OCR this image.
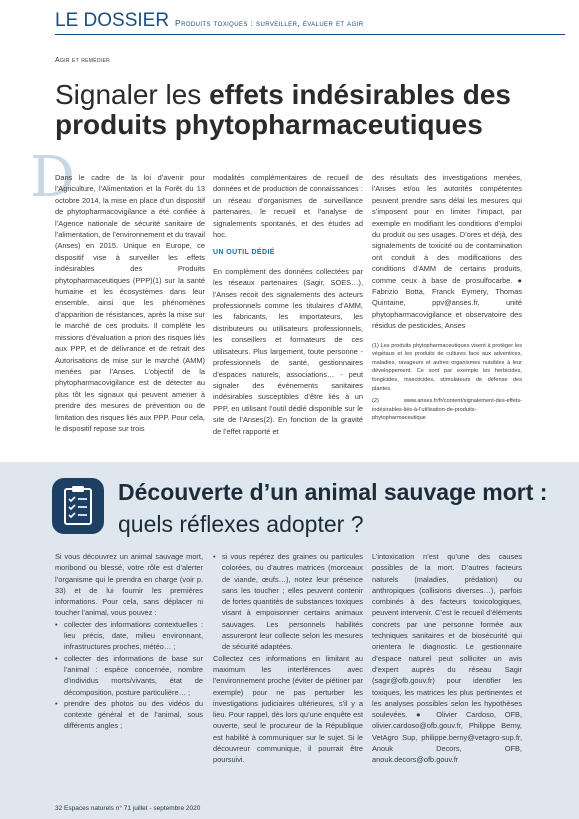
LE DOSSIER Produits toxiques : surveiller, évaluer et agir
Agir et remédier
Signaler les effets indésirables des produits phytopharmaceutiques
D

Dans le cadre de la loi d’avenir pour l’Agriculture, l’Alimentation et la Forêt du 13 octobre 2014, la mise en place d’un dispositif de phytopharmacovigilance a été confiée à l’Agence nationale de sécurité sanitaire de l’alimentation, de l’environnement et du travail (Anses) en 2015. Unique en Europe, ce dispositif vise à surveiller les effets indésirables des Produits phytopharmaceutiques (PPP)(1) sur la santé humaine et les écosystèmes dans leur ensemble, ainsi que les phénomènes d’apparition de résistances, après la mise sur le marché de ces produits. Il complète les missions d’évaluation a priori des risques liés aux PPP, et de délivrance et de retrait des Autorisations de mise sur le marché (AMM) menées par l’Anses. L’objectif de la phytopharmacovigilance est de détecter au plus tôt les signaux qui peuvent amener à prendre des mesures de prévention ou de limitation des risques liés aux PPP. Pour cela, le dispositif repose sur trois

modalités complémentaires de recueil de données et de production de connaissances : un réseau d’organismes de surveillance partenaires, le recueil et l’analyse de signalements spontanés, et des études ad hoc.

UN OUTIL DÉDIÉ

En complément des données collectées par les réseaux partenaires (Sagir, SOES…), l’Anses recoit des signalements des acteurs professionnels comme les titulaires d’AMM, les fabricants, les importateurs, les distributeurs ou utilisateurs professionnels, les conseillers et formateurs de ces utilisateurs. Plus largement, toute personne - professionnels de santé, gestionnaires d’espaces naturels, associations… - peut signaler des événements sanitaires indésirables susceptibles d’être liés à un PPP, en utilisant l’outil dédié disponible sur le site de l’Anses(2). En fonction de la gravité de l’effet rapporté et

des résultats des investigations menées, l’Anses et/ou les autorités compétentes peuvent prendre sans délai les mesures qui s’imposent pour en limiter l’impact, par exemple en modifiant les conditions d’emploi du produit ou ses usages. D’ores et déjà, des signalements de toxicité ou de contamination ont conduit à des modifications des conditions d’AMM de certains produits, comme ceux à base de prosulfocarbe. ● Fabrizio Botta, Franck Eymery, Thomas Quintaine, ppv@anses.fr, unité phytopharmacovigilance et observatoire des résidus de pesticides, Anses

(1) Les produits phytopharmaceutiques visent à protéger les végétaux et les produits de cultures face aux adventices, maladies, ravageurs et autres organismes nuisibles à leur développement. Ce sont par exemple les herbicides, fongicides, insecticides, stimulateurs de défense des plantes.

(2) www.anses.fr/fr/content/signalement-des-effets-indésirables-liés-à-l’utilisation-de-produits-phytopharmaceutique

Découverte d’un animal sauvage mort : quels réflexes adopter ?

Si vous découvrez un animal sauvage mort, moribond ou blessé, votre rôle est d’alerter l’organisme qui le prendra en charge (voir p. 33) et de lui fournir les premières informations. Pour cela, sans déplacer ni toucher l’animal, vous pouvez :

• collecter des informations contextuelles : lieu précis, date, milieu environnant, infrastructures proches, météo… ;
• collecter des informations de base sur l’animal : espèce concernée, nombre d’individus morts/vivants, état de décomposition, posture particulière… ;
• prendre des photos ou des vidéos du contexte général et de l’animal, sous différents angles ;
• si vous repérez des graines ou particules colorées, ou d’autres matrices (morceaux de viande, œufs…), notez leur présence sans les toucher ; elles peuvent contenir de fortes quantités de substances toxiques visant à empoisonner certains animaux sauvages. Les personnels habilités assureront leur collecte selon les mesures de sécurité adaptées.

Collectez ces informations en limitant au maximum les interférences avec l’environnement proche (éviter de piétiner par exemple) pour ne pas perturber les investigations judiciaires ultérieures, s’il y a lieu. Pour rappel, dès lors qu’une enquête est ouverte, seul le procureur de la République est habilité à communiquer sur le sujet. Si le découvreur communique, il pourrait être poursuivi.

L’intoxication n’est qu’une des causes possibles de la mort. D’autres facteurs naturels (maladies, prédation) ou anthropiques (collisions diverses…), parfois combinés à des facteurs toxicologiques, peuvent intervenir. C’est le recueil d’éléments concrets par une personne formée aux techniques sanitaires et de biosécurité qui orientera le diagnostic. Le gestionnaire d’espace naturel peut solliciter un avis d’expert auprès du réseau Sagir (sagir@ofb.gouv.fr) pour identifier les toxiques, les matrices les plus pertinentes et les analyses possibles selon les hypothèses soulevées. ● Olivier Cardoso, OFB, olivier.cardoso@ofb.gouv.fr, Philippe Berny, VetAgro Sup, philippe.berny@vetagro-sup.fr, Anouk Decors, OFB, anouk.decors@ofb.gouv.fr

32 Espaces naturels n° 71 juillet - septembre 2020
